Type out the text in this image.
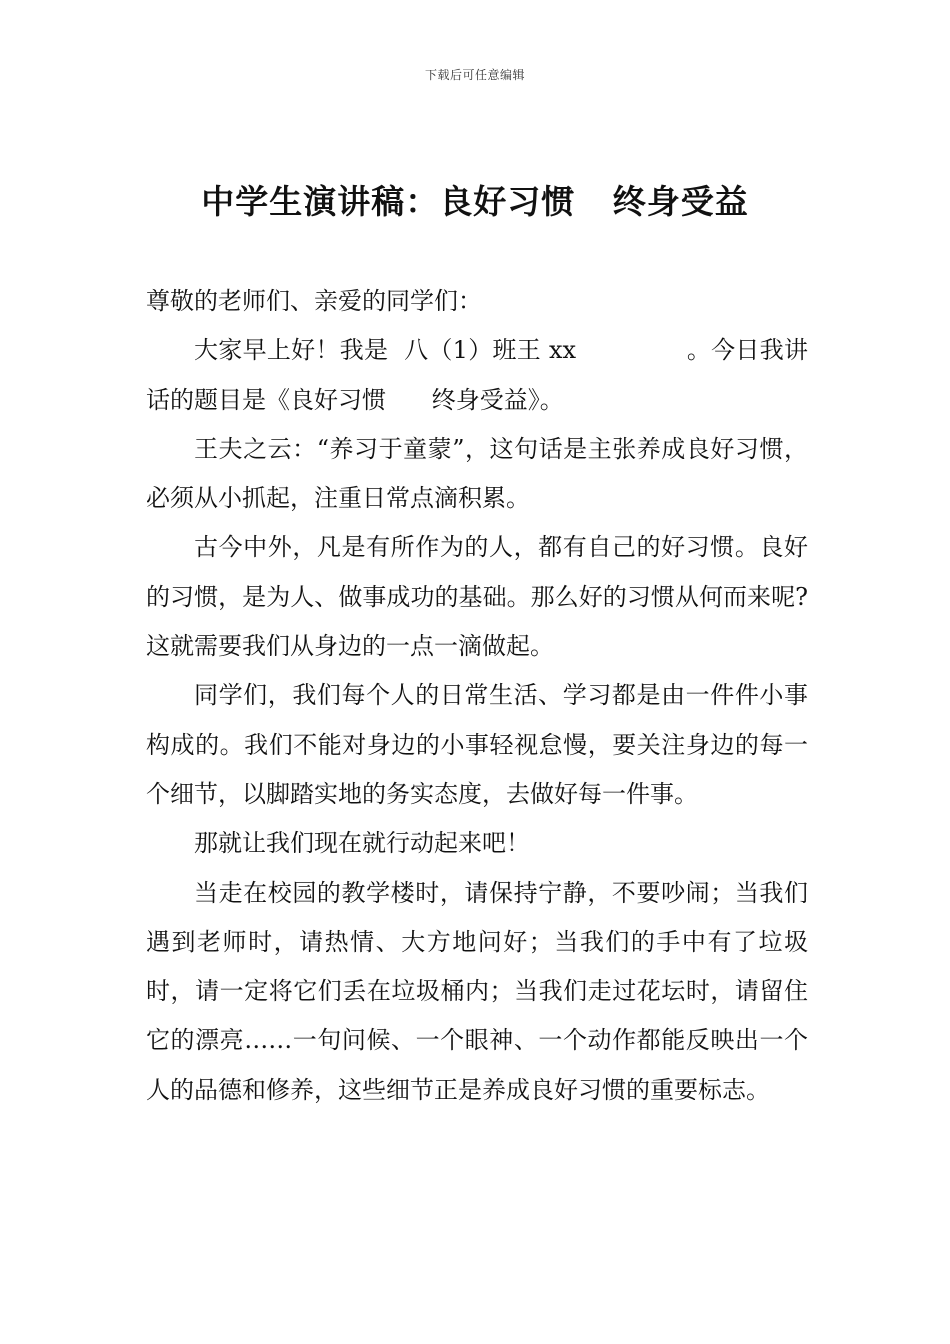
下载后可任意编辑
中学生演讲稿：良好习惯   终身受益

尊敬的老师们、亲爱的同学们：

大家早上好！我是  八（1）班王 xx              。今日我讲话的题目是《良好习惯      终身受益》。

王夫之云：“养习于童蒙”，这句话是主张养成良好习惯，必须从小抓起，注重日常点滴积累。

古今中外，凡是有所作为的人，都有自己的好习惯。良好的习惯，是为人、做事成功的基础。那么好的习惯从何而来呢?这就需要我们从身边的一点一滴做起。

同学们，我们每个人的日常生活、学习都是由一件件小事构成的。我们不能对身边的小事轻视怠慢，要关注身边的每一个细节，以脚踏实地的务实态度，去做好每一件事。

那就让我们现在就行动起来吧！

当走在校园的教学楼时，请保持宁静，不要吵闹；当我们遇到老师时，请热情、大方地问好；当我们的手中有了垃圾时，请一定将它们丢在垃圾桶内；当我们走过花坛时，请留住它的漂亮……一句问候、一个眼神、一个动作都能反映出一个人的品德和修养，这些细节正是养成良好习惯的重要标志。
